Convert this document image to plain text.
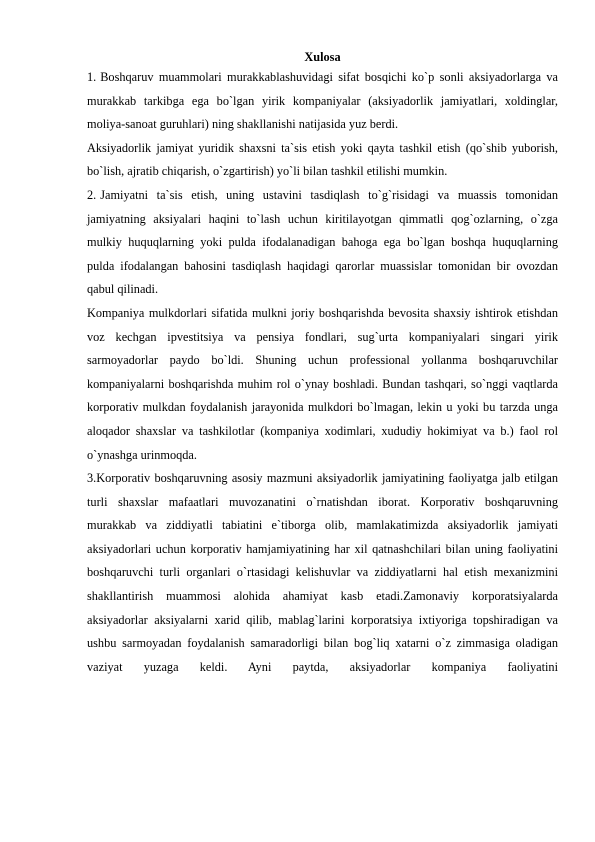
Xulosa

1. Boshqaruv muammolari murakkablashuvidagi sifat bosqichi ko`p sonli aksiyadorlarga va murakkab tarkibga ega bo`lgan yirik kompaniyalar (aksiyadorlik jamiyatlari, xoldinglar, moliya-sanoat guruhlari) ning shakllanishi natijasida yuz berdi.

Aksiyadorlik jamiyat yuridik shaxsni ta`sis etish yoki qayta tashkil etish (qo`shib yuborish, bo`lish, ajratib chiqarish, o`zgartirish) yo`li bilan tashkil etilishi mumkin.

2. Jamiyatni ta`sis etish, uning ustavini tasdiqlash to`g`risidagi va muassis tomonidan jamiyatning aksiyalari haqini to`lash uchun kiritilayotgan qimmatli qog`ozlarning, o`zga mulkiy huquqlarning yoki pulda ifodalanadigan bahoga ega bo`lgan boshqa huquqlarning pulda ifodalangan bahosini tasdiqlash haqidagi qarorlar muassislar tomonidan bir ovozdan qabul qilinadi.

Kompaniya mulkdorlari sifatida mulkni joriy boshqarishda bevosita shaxsiy ishtirok etishdan voz kechgan ipvestitsiya va pensiya fondlari, sug`urta kompaniyalari singari yirik sarmoyadorlar paydo bo`ldi. Shuning uchun professional yollanma boshqaruvchilar kompaniyalarni boshqarishda muhim rol o`ynay boshladi. Bundan tashqari, so`nggi vaqtlarda korporativ mulkdan foydalanish jarayonida mulkdori bo`lmagan, lekin u yoki bu tarzda unga aloqador shaxslar va tashkilotlar (kompaniya xodimlari, xududiy hokimiyat va b.) faol rol o`ynashga urinmoqda.

3.Korporativ boshqaruvning asosiy mazmuni aksiyadorlik jamiyatining faoliyatga jalb etilgan turli shaxslar mafaatlari muvozanatini o`rnatishdan iborat. Korporativ boshqaruvning murakkab va ziddiyatli tabiatini e`tiborga olib, mamlakatimizda aksiyadorlik jamiyati aksiyadorlari uchun korporativ hamjamiyatining har xil qatnashchilari bilan uning faoliyatini boshqaruvchi turli organlari o`rtasidagi kelishuvlar va ziddiyatlarni hal etish mexanizmini shakllantirish muammosi alohida ahamiyat kasb etadi.Zamonaviy korporatsiyalarda aksiyadorlar aksiyalarni xarid qilib, mablag`larini korporatsiya ixtiyoriga topshiradigan va ushbu sarmoyadan foydalanish samaradorligi bilan bog`liq xatarni o`z zimmasiga oladigan vaziyat yuzaga keldi. Ayni paytda, aksiyadorlar kompaniya faoliyatini
